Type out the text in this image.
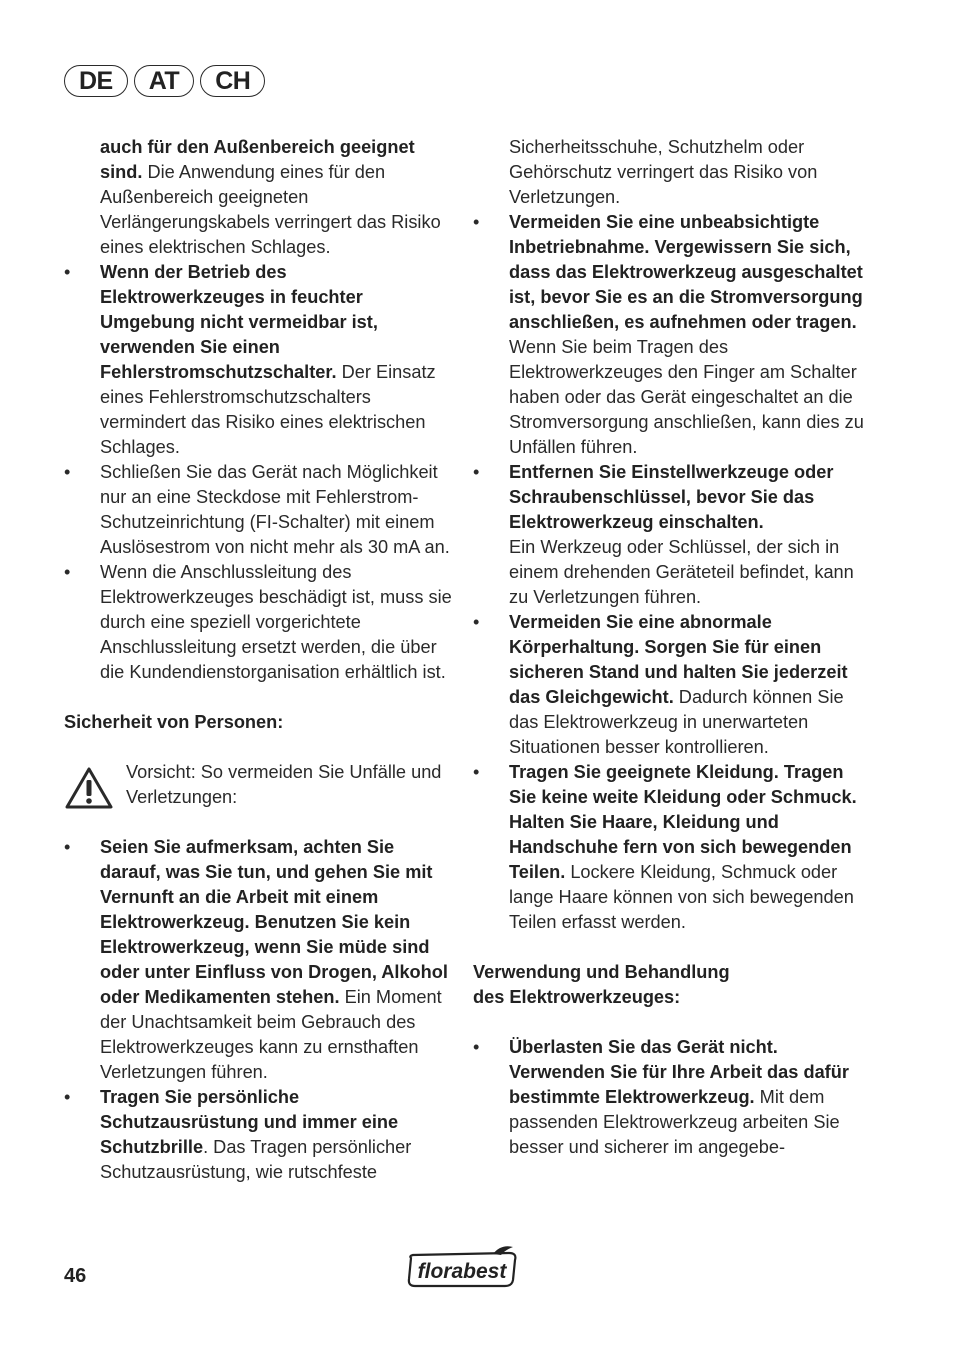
DE	AT	CH

auch für den Außenbereich geeignet sind. Die Anwendung eines für den Außenbereich geeigneten Verlängerungskabels verringert das Risiko eines elektrischen Schlages.

• Wenn der Betrieb des Elektrowerkzeuges in feuchter Umgebung nicht vermeidbar ist, verwenden Sie einen Fehlerstromschutzschalter. Der Einsatz eines Fehlerstromschutzschalters vermindert das Risiko eines elektrischen Schlages.
• Schließen Sie das Gerät nach Möglichkeit nur an eine Steckdose mit Fehlerstrom-Schutzeinrichtung (FI-Schalter) mit einem Auslösestrom von nicht mehr als 30 mA an.
• Wenn die Anschlussleitung des Elektrowerkzeuges beschädigt ist, muss sie durch eine speziell vorgerichtete Anschlussleitung ersetzt werden, die über die Kundendienstorganisation erhältlich ist.

Sicherheit von Personen:

Vorsicht: So vermeiden Sie Unfälle und Verletzungen:
• Seien Sie aufmerksam, achten Sie darauf, was Sie tun, und gehen Sie mit Vernunft an die Arbeit mit einem Elektrowerkzeug. Benutzen Sie kein Elektrowerkzeug, wenn Sie müde sind oder unter Einfluss von Drogen, Alkohol oder Medikamenten stehen. Ein Moment der Unachtsamkeit beim Gebrauch des Elektrowerkzeuges kann zu ernsthaften Verletzungen führen.
• Tragen Sie persönliche Schutzausrüstung und immer eine Schutzbrille. Das Tragen persönlicher Schutzausrüstung, wie rutschfeste

Sicherheitsschuhe, Schutzhelm oder Gehörschutz verringert das Risiko von Verletzungen.

• Vermeiden Sie eine unbeabsichtigte Inbetriebnahme. Vergewissern Sie sich, dass das Elektrowerkzeug ausgeschaltet ist, bevor Sie es an die Stromversorgung anschließen, es aufnehmen oder tragen.
Wenn Sie beim Tragen des Elektrowerkzeuges den Finger am Schalter haben oder das Gerät eingeschaltet an die Stromversorgung anschließen, kann dies zu Unfällen führen.
• Entfernen Sie Einstellwerkzeuge oder Schraubenschlüssel, bevor Sie das Elektrowerkzeug einschalten.
Ein Werkzeug oder Schlüssel, der sich in einem drehenden Geräteteil befindet, kann zu Verletzungen führen.
• Vermeiden Sie eine abnormale Körperhaltung. Sorgen Sie für einen sicheren Stand und halten Sie jederzeit das Gleichgewicht. Dadurch können Sie das Elektrowerkzeug in unerwarteten Situationen besser kontrollieren.
• Tragen Sie geeignete Kleidung. Tragen Sie keine weite Kleidung oder Schmuck. Halten Sie Haare, Kleidung und Handschuhe fern von sich bewegenden Teilen. Lockere Kleidung, Schmuck oder lange Haare können von sich bewegenden Teilen erfasst werden.

Verwendung und Behandlung
des Elektrowerkzeuges:

• Überlasten Sie das Gerät nicht. Verwenden Sie für Ihre Arbeit das dafür bestimmte Elektrowerkzeug. Mit dem passenden Elektrowerkzeug arbeiten Sie besser und sicherer im angegebe-
46	florabest
